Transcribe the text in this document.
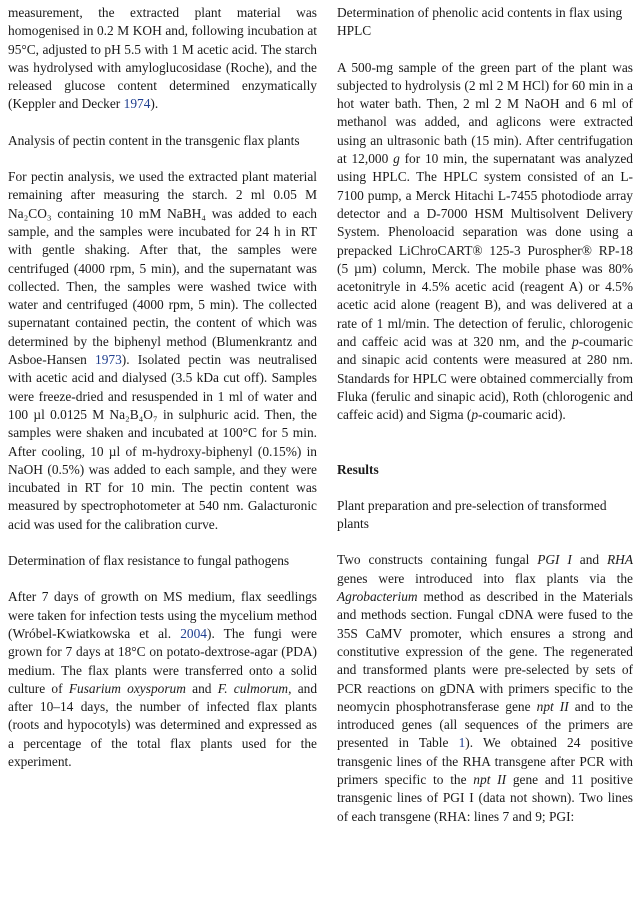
measurement, the extracted plant material was homogenised in 0.2 M KOH and, following incubation at 95°C, adjusted to pH 5.5 with 1 M acetic acid. The starch was hydrolysed with amyloglucosidase (Roche), and the released glucose content determined enzymatically (Keppler and Decker 1974).

Analysis of pectin content in the transgenic flax plants

For pectin analysis, we used the extracted plant material remaining after measuring the starch. 2 ml 0.05 M Na₂CO₃ containing 10 mM NaBH₄ was added to each sample, and the samples were incubated for 24 h in RT with gentle shaking. After that, the samples were centrifuged (4000 rpm, 5 min), and the supernatant was collected. Then, the samples were washed twice with water and centrifuged (4000 rpm, 5 min). The collected supernatant contained pectin, the content of which was determined by the biphenyl method (Blumenkrantz and Asboe-Hansen 1973). Isolated pectin was neutralised with acetic acid and dialysed (3.5 kDa cut off). Samples were freeze-dried and resuspended in 1 ml of water and 100 µl 0.0125 M Na₂B₄O₇ in sulphuric acid. Then, the samples were shaken and incubated at 100°C for 5 min. After cooling, 10 µl of m-hydroxy-biphenyl (0.15%) in NaOH (0.5%) was added to each sample, and they were incubated in RT for 10 min. The pectin content was measured by spectrophotometer at 540 nm. Galacturonic acid was used for the calibration curve.

Determination of flax resistance to fungal pathogens

After 7 days of growth on MS medium, flax seedlings were taken for infection tests using the mycelium method (Wróbel-Kwiatkowska et al. 2004). The fungi were grown for 7 days at 18°C on potato-dextrose-agar (PDA) medium. The flax plants were transferred onto a solid culture of Fusarium oxysporum and F. culmorum, and after 10–14 days, the number of infected flax plants (roots and hypocotyls) was determined and expressed as a percentage of the total flax plants used for the experiment.

Determination of phenolic acid contents in flax using HPLC

A 500-mg sample of the green part of the plant was subjected to hydrolysis (2 ml 2 M HCl) for 60 min in a hot water bath. Then, 2 ml 2 M NaOH and 6 ml of methanol was added, and aglicons were extracted using an ultrasonic bath (15 min). After centrifugation at 12,000 g for 10 min, the supernatant was analyzed using HPLC. The HPLC system consisted of an L-7100 pump, a Merck Hitachi L-7455 photodiode array detector and a D-7000 HSM Multisolvent Delivery System. Phenoloacid separation was done using a prepacked LiChroCART® 125-3 Purospher® RP-18 (5 µm) column, Merck. The mobile phase was 80% acetonitryle in 4.5% acetic acid (reagent A) or 4.5% acetic acid alone (reagent B), and was delivered at a rate of 1 ml/min. The detection of ferulic, chlorogenic and caffeic acid was at 320 nm, and the p-coumaric and sinapic acid contents were measured at 280 nm. Standards for HPLC were obtained commercially from Fluka (ferulic and sinapic acid), Roth (chlorogenic and caffeic acid) and Sigma (p-coumaric acid).

Results

Plant preparation and pre-selection of transformed plants

Two constructs containing fungal PGI I and RHA genes were introduced into flax plants via the Agrobacterium method as described in the Materials and methods section. Fungal cDNA were fused to the 35S CaMV promoter, which ensures a strong and constitutive expression of the gene. The regenerated and transformed plants were pre-selected by sets of PCR reactions on gDNA with primers specific to the neomycin phosphotransferase gene npt II and to the introduced genes (all sequences of the primers are presented in Table 1). We obtained 24 positive transgenic lines of the RHA transgene after PCR with primers specific to the npt II gene and 11 positive transgenic lines of PGI I (data not shown). Two lines of each transgene (RHA: lines 7 and 9; PGI:
